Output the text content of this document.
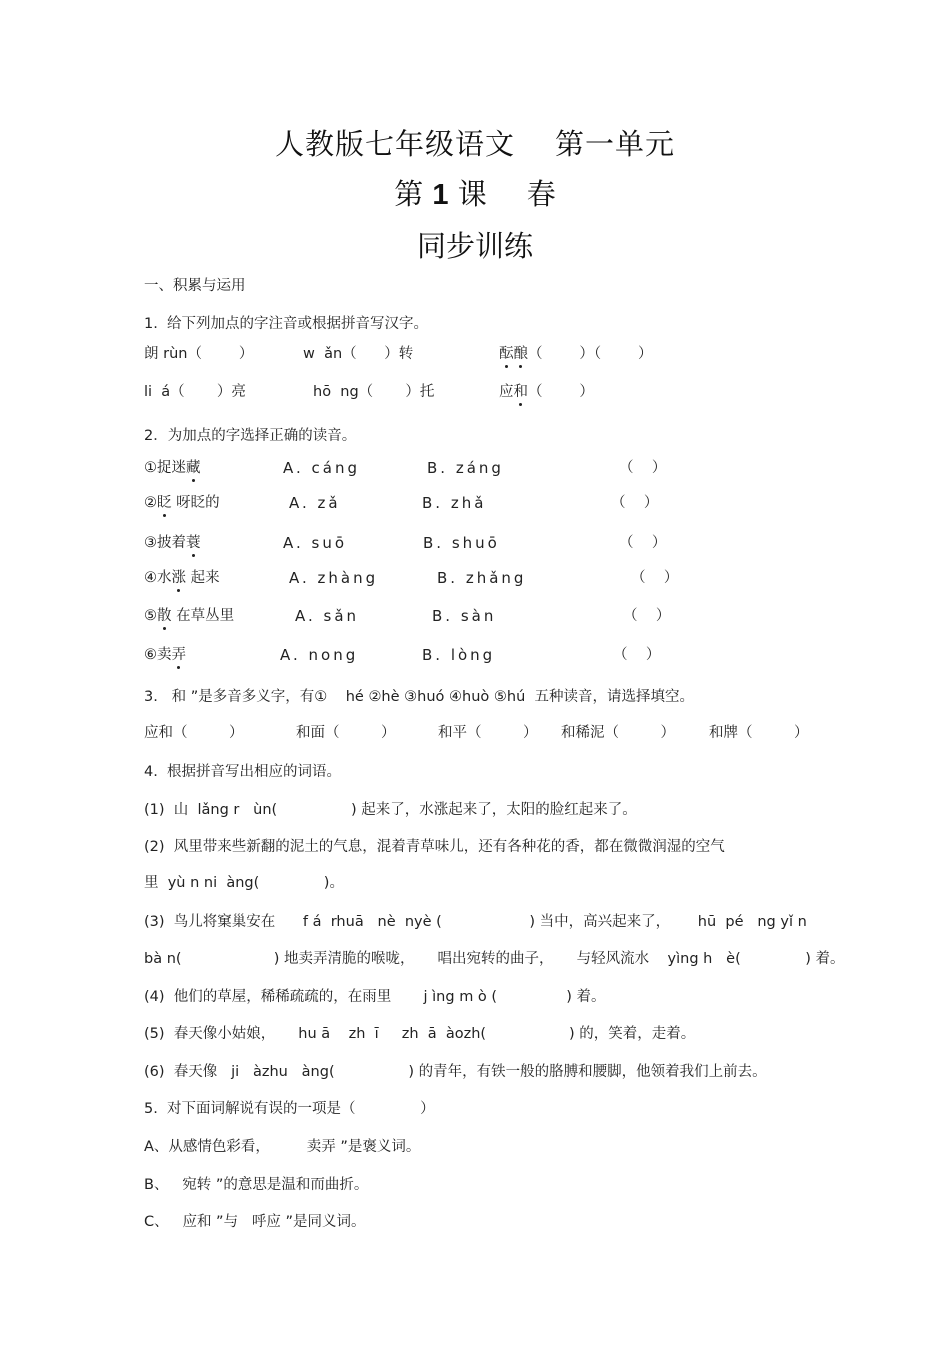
人教版七年级语文 第一单元
第 1 课 春
同步训练
一、积累与运用
1.  给下列加点的字注音或根据拼音写汉字。
朗 rùn（        ）	w  ǎn（      ）转	酝酿（        ）（        ）
li  á（       ）亮	hō  ng（       ）托	应和（        ）
2．为加点的字选择正确的读音。
①捉迷藏	A. cáng	B. záng	（    ）
②眨 呀眨的	A. zǎ	B. zhǎ	（    ）
③披着蓑	A. suō	B. shuō	（    ）
④水涨 起来	A. zhàng	B. zhǎng	（    ）
⑤散 在草丛里	A. sǎn	B. sàn	（    ）
⑥卖弄	A. nong	B. lòng	（    ）
3.   和 ”是多音多义字，有①    hé ②hè ③huó ④huò ⑤hú  五种读音，请选择填空。
应和（         ）	和面（         ）	和平（         ） 和稀泥（         ） 和牌（         ）
4.  根据拼音写出相应的词语。
(1)  山  lǎng r   ùn(                ) 起来了，水涨起来了，太阳的脸红起来了。
(2)  风里带来些新翻的泥土的气息，混着青草味儿，还有各种花的香，都在微微润湿的空气
里  yù n ni  àng(              )。
(3)  鸟儿将窠巢安在      f á  rhuā   nè  nyè (                   ) 当中，高兴起来了，      hū  pé   ng yǐ n
bà n(                    ) 地卖弄清脆的喉咙，     唱出宛转的曲子，     与轻风流水    yìng h   è(              ) 着。
(4)  他们的草屋，稀稀疏疏的，在雨里       j ìng m ò (               ) 着。
(5)  春天像小姑娘，     hu ā    zh  ī     zh  ā  àozh(                  ) 的，笑着，走着。
(6)  春天像   ji   àzhu   àng(                ) 的青年，有铁一般的胳膊和腰脚，他领着我们上前去。
5.  对下面词解说有误的一项是（              ）
A、从感情色彩看，        卖弄 ”是褒义词。
B、   宛转 ”的意思是温和而曲折。
C、   应和 ”与   呼应 ”是同义词。
